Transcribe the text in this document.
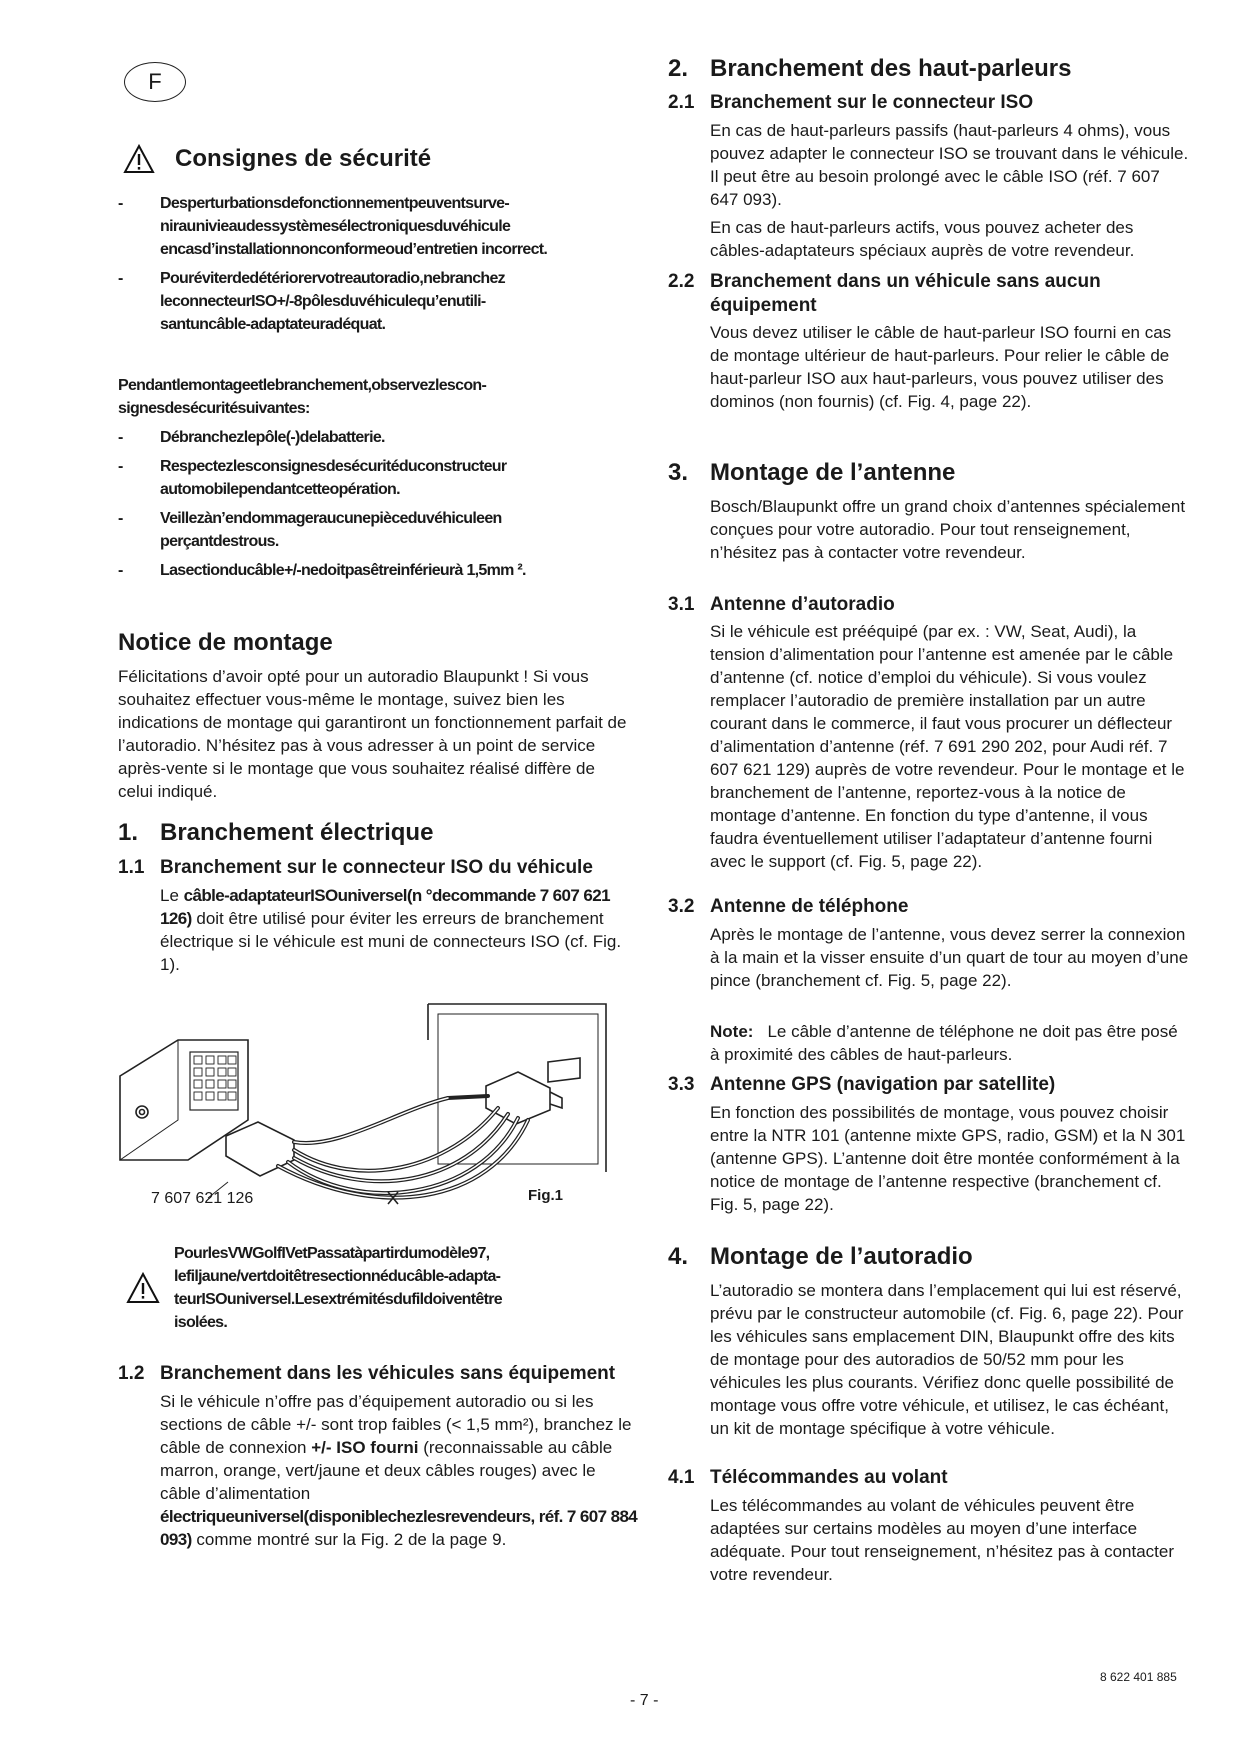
F
Consignes de sécurité
-	Desperturbationsdefonctionnementpeuventsurve-niraunivieaudessystèmesélectroniquesduvéhicule encasd’installationnonconformeoud’entretien incorrect.

-	Pouréviterdedétériorervotreautoradio,nebranchez leconnecteurISO+/-8pôlesduvéhiculequ’enutili-santuncâble-adaptateuradéquat.

Pendantlemontageetlebranchement,observezlescon-signesdesécuritésuivantes:

-	Débranchezlepôle(-)delabatterie.

-	Respectezlesconsignesdesécuritéduconstructeur automobilependantcetteopération.

-	Veillezàn’endommageraucunepièceduvéhiculeen perçantdestrous.

-	Lasectionducâble+/-nedoitpasêtreinférieurà 1,5mm ².

Notice de montage

Félicitations d’avoir opté pour un autoradio Blaupunkt ! Si vous souhaitez effectuer vous-même le montage, suivez bien les indications de montage qui garantiront un fonctionnement parfait de l’autoradio. N’hésitez pas à vous adresser à un point de service après-vente si le montage que vous souhaitez réalisé diffère de celui indiqué.

1. Branchement électrique
1.1 Branchement sur le connecteur ISO du véhicule

Le câble-adaptateurISOuniversel(n °decommande 7 607 621 126) doit être utilisé pour éviter les erreurs de branchement électrique si le véhicule est muni de connecteurs ISO (cf. Fig. 1).

7 607 621 126	Fig.1

PourlesVWGolfIVetPassatàpartirdumodèle97, lefiljaune/vertdoitêtresectionnéducâble-adapta-teurISOuniversel.Lesextrémitésdufildoiventêtre isolées.

1.2 Branchement dans les véhicules sans équipement

Si le véhicule n’offre pas d’équipement autoradio ou si les sections de câble +/- sont trop faibles (< 1,5 mm²), branchez le câble de connexion +/- ISO fourni (reconnaissable au câble marron, orange, vert/jaune et deux câbles rouges) avec le câble d’alimentation électriqueuniversel(disponiblechezlesrevendeurs, réf. 7 607 884 093) comme montré sur la Fig. 2 de la page 9.

2. Branchement des haut-parleurs
2.1 Branchement sur le connecteur ISO

En cas de haut-parleurs passifs (haut-parleurs 4 ohms), vous pouvez adapter le connecteur ISO se trouvant dans le véhicule. Il peut être au besoin prolongé avec le câble ISO (réf. 7 607 647 093).

En cas de haut-parleurs actifs, vous pouvez acheter des câbles-adaptateurs spéciaux auprès de votre revendeur.

2.2 Branchement dans un véhicule sans aucun équipement

Vous devez utiliser le câble de haut-parleur ISO fourni en cas de montage ultérieur de haut-parleurs. Pour relier le câble de haut-parleur ISO aux haut-parleurs, vous pouvez utiliser des dominos (non fournis) (cf. Fig. 4, page 22).

3. Montage de l’antenne

Bosch/Blaupunkt offre un grand choix d’antennes spécialement conçues pour votre autoradio. Pour tout renseignement, n’hésitez pas à contacter votre revendeur.

3.1 Antenne d’autoradio

Si le véhicule est prééquipé (par ex. : VW, Seat, Audi), la tension d’alimentation pour l’antenne est amenée par le câble d’antenne (cf. notice d’emploi du véhicule). Si vous voulez remplacer l’autoradio de première installation par un autre courant dans le commerce, il faut vous procurer un déflecteur d’alimentation d’antenne (réf. 7 691 290 202, pour Audi réf. 7 607 621 129) auprès de votre revendeur. Pour le montage et le branchement de l’antenne, reportez-vous à la notice de montage d’antenne. En fonction du type d’antenne, il vous faudra éventuellement utiliser l’adaptateur d’antenne fourni avec le support (cf. Fig. 5, page 22).

3.2 Antenne de téléphone

Après le montage de l’antenne, vous devez serrer la connexion à la main et la visser ensuite d’un quart de tour au moyen d’une pince (branchement cf. Fig. 5, page 22).

Note: Le câble d’antenne de téléphone ne doit pas être posé à proximité des câbles de haut-parleurs.

3.3 Antenne GPS (navigation par satellite)

En fonction des possibilités de montage, vous pouvez choisir entre la NTR 101 (antenne mixte GPS, radio, GSM) et la N 301 (antenne GPS). L’antenne doit être montée conformément à la notice de montage de l’antenne respective (branchement cf. Fig. 5, page 22).

4. Montage de l’autoradio

L’autoradio se montera dans l’emplacement qui lui est réservé, prévu par le constructeur automobile (cf. Fig. 6, page 22). Pour les véhicules sans emplacement DIN, Blaupunkt offre des kits de montage pour des autoradios de 50/52 mm pour les véhicules les plus courants. Vérifiez donc quelle possibilité de montage vous offre votre véhicule, et utilisez, le cas échéant, un kit de montage spécifique à votre véhicule.

4.1 Télécommandes au volant

Les télécommandes au volant de véhicules peuvent être adaptées sur certains modèles au moyen d’une interface adéquate. Pour tout renseignement, n’hésitez pas à contacter votre revendeur.

8 622 401 885
- 7 -
